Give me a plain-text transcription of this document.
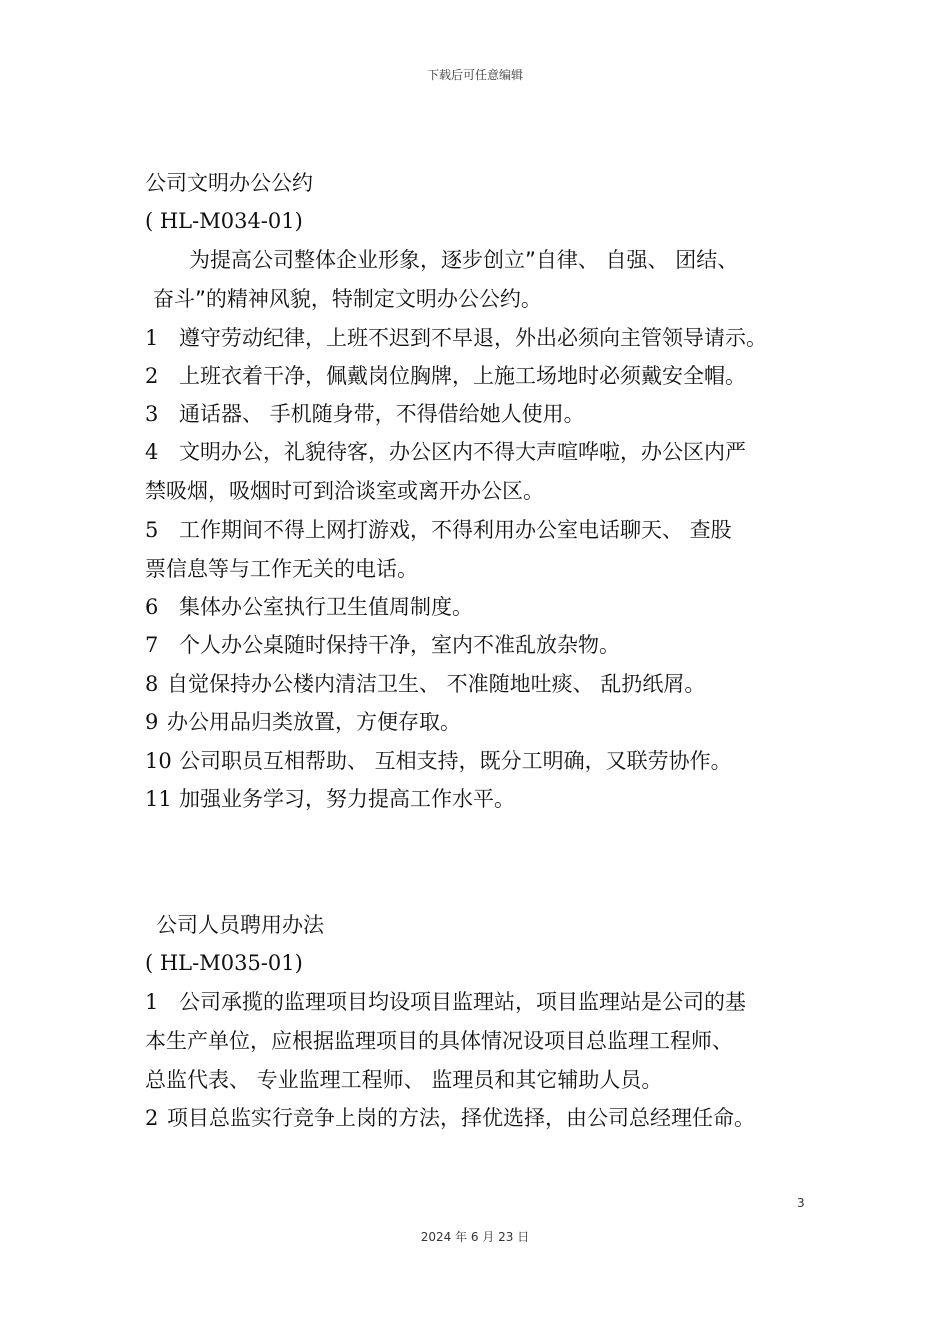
下载后可任意编辑
公司文明办公公约
( HL-M034-01)
为提高公司整体企业形象，逐步创立”自律、 自强、 团结、
奋斗”的精神风貌，特制定文明办公公约。
1 遵守劳动纪律，上班不迟到不早退，外出必须向主管领导请示。
2 上班衣着干净，佩戴岗位胸牌，上施工场地时必须戴安全帽。
3 通话器、 手机随身带，不得借给她人使用。
4 文明办公，礼貌待客，办公区内不得大声喧哗啦，办公区内严
禁吸烟，吸烟时可到洽谈室或离开办公区。
5 工作期间不得上网打游戏，不得利用办公室电话聊天、 查股
票信息等与工作无关的电话。
6 集体办公室执行卫生值周制度。
7 个人办公桌随时保持干净，室内不准乱放杂物。
8 自觉保持办公楼内清洁卫生、 不准随地吐痰、 乱扔纸屑。
9 办公用品归类放置，方便存取。
10 公司职员互相帮助、 互相支持，既分工明确，又联劳协作。
11 加强业务学习，努力提高工作水平。
公司人员聘用办法
( HL-M035-01)
1 公司承揽的监理项目均设项目监理站，项目监理站是公司的基
本生产单位，应根据监理项目的具体情况设项目总监理工程师、
总监代表、 专业监理工程师、 监理员和其它辅助人员。
2 项目总监实行竞争上岗的方法，择优选择，由公司总经理任命。
3
2024 年 6 月 23 日
